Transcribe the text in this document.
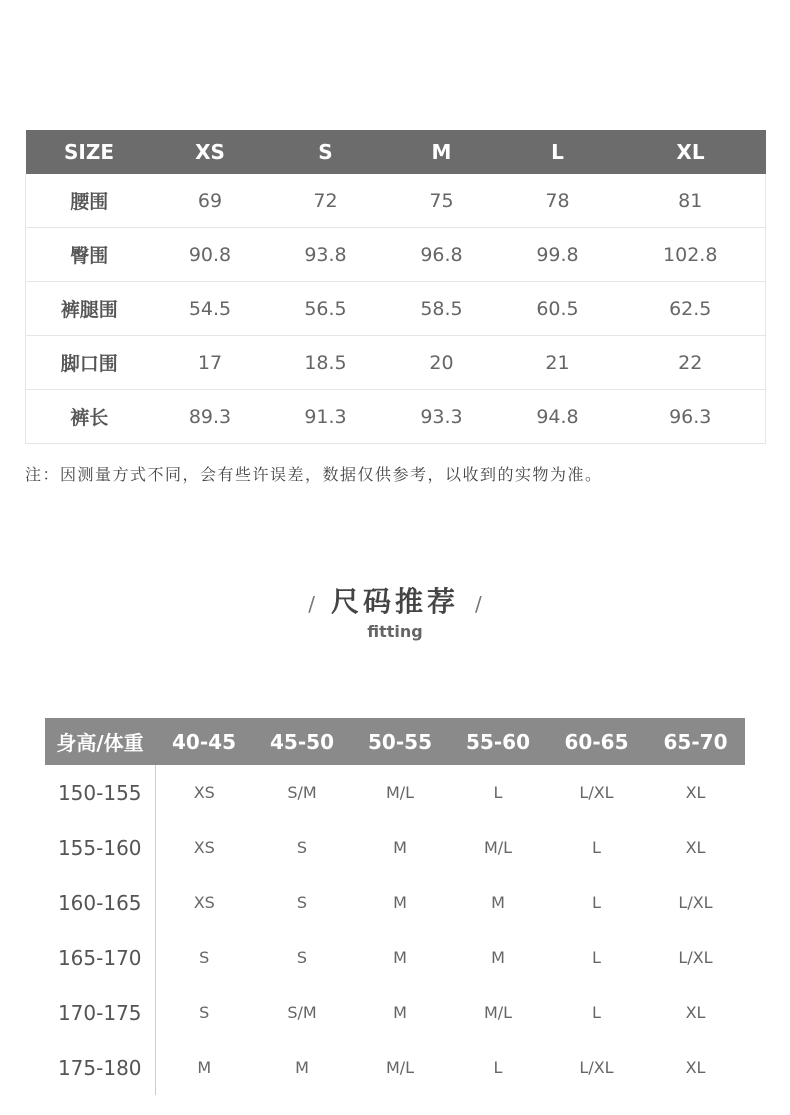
SIZE	XS	S	M	L	XL
腰围	69	72	75	78	81
臀围	90.8	93.8	96.8	99.8	102.8
裤腿围	54.5	56.5	58.5	60.5	62.5
脚口围	17	18.5	20	21	22
裤长	89.3	91.3	93.3	94.8	96.3
注：因测量方式不同，会有些许误差，数据仅供参考，以收到的实物为准。
/ 尺码推荐 /
fitting
身高/体重	40-45	45-50	50-55	55-60	60-65	65-70
150-155	XS	S/M	M/L	L	L/XL	XL
155-160	XS	S	M	M/L	L	XL
160-165	XS	S	M	M	L	L/XL
165-170	S	S	M	M	L	L/XL
170-175	S	S/M	M	M/L	L	XL
175-180	M	M	M/L	L	L/XL	XL
